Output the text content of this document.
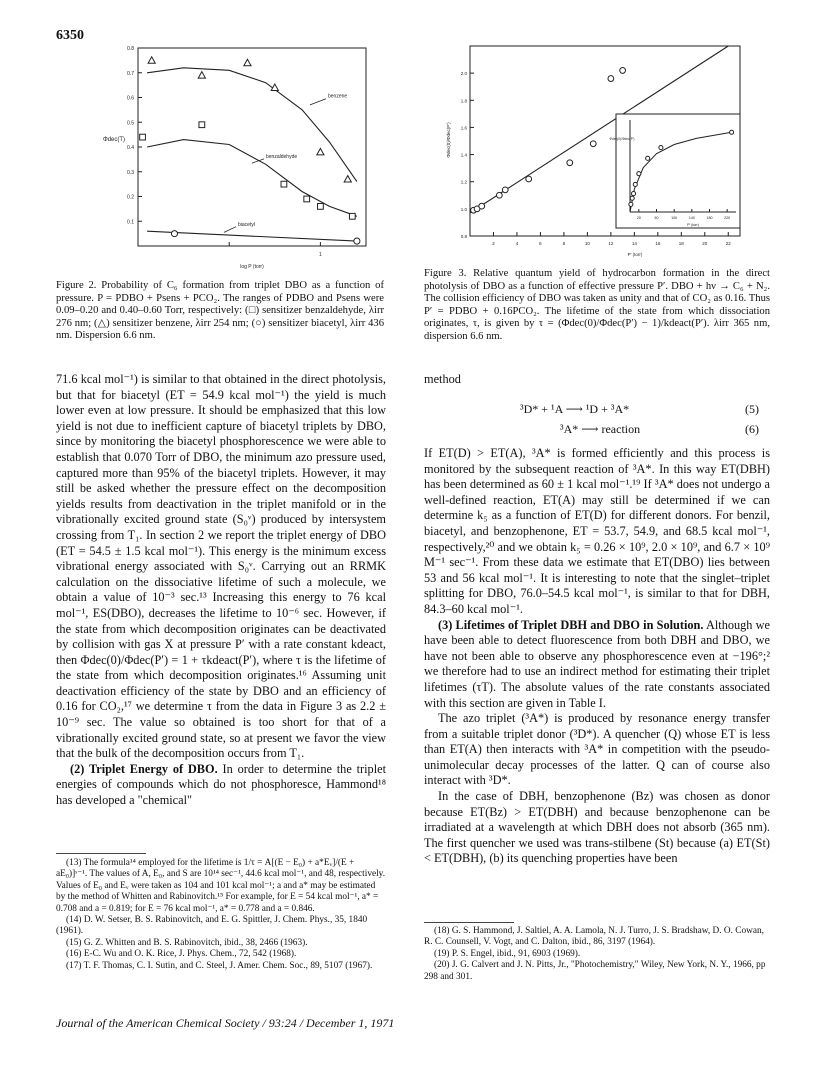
6350
0.1
0.2
0.3
0.4
0.5
0.6
0.7
0.8
1
log P (torr)
Φdec(T)
benzene
benzaldehyde
biacetyl
Figure 2. Probability of C₆ formation from triplet DBO as a function of pressure. P = PDBO + Psens + PCO₂. The ranges of PDBO and Psens were 0.09–0.20 and 0.40–0.60 Torr, respectively: (□) sensitizer benzaldehyde, λirr 276 nm; (△) sensitizer benzene, λirr 254 nm; (○) sensitizer biacetyl, λirr 436 nm. Dispersion 6.6 nm.
0.8
1.0
1.2
1.4
1.6
1.8
2.0
2	4	6	8	10	12	14	16	18	20	22
P′ (torr)
Φdec(0)/Φdec(P′)
20	60	100	140	180	220
P′ (torr)
Φdec(0)/Φdec(P′)
Figure 3. Relative quantum yield of hydrocarbon formation in the direct photolysis of DBO as a function of effective pressure P′. DBO + hν → C₆ + N₂. The collision efficiency of DBO was taken as unity and that of CO₂ as 0.16. Thus P′ = PDBO + 0.16PCO₂. The lifetime of the state from which dissociation originates, τ, is given by τ = (Φdec(0)/Φdec(P′) − 1)/kdeact(P′). λirr 365 nm, dispersion 6.6 nm.

71.6 kcal mol⁻¹) is similar to that obtained in the direct photolysis, but that for biacetyl (ET = 54.9 kcal mol⁻¹) the yield is much lower even at low pressure. It should be emphasized that this low yield is not due to inefficient capture of biacetyl triplets by DBO, since by monitoring the biacetyl phosphorescence we were able to establish that 0.070 Torr of DBO, the minimum azo pressure used, captured more than 95% of the biacetyl triplets. However, it may still be asked whether the pressure effect on the decomposition yields results from deactivation in the triplet manifold or in the vibrationally excited ground state (S₀ᵛ) produced by intersystem crossing from T₁. In section 2 we report the triplet energy of DBO (ET = 54.5 ± 1.5 kcal mol⁻¹). This energy is the minimum excess vibrational energy associated with S₀ᵛ. Carrying out an RRMK calculation on the dissociative lifetime of such a molecule, we obtain a value of 10⁻³ sec.¹³ Increasing this energy to 76 kcal mol⁻¹, ES(DBO), decreases the lifetime to 10⁻⁶ sec. However, if the state from which decomposition originates can be deactivated by collision with gas X at pressure P′ with a rate constant kdeact, then Φdec(0)/Φdec(P′) = 1 + τkdeact(P′), where τ is the lifetime of the state from which decomposition originates.¹⁶ Assuming unit deactivation efficiency of the state by DBO and an efficiency of 0.16 for CO₂,¹⁷ we determine τ from the data in Figure 3 as 2.2 ± 10⁻⁹ sec. The value so obtained is too short for that of a vibrationally excited ground state, so at present we favor the view that the bulk of the decomposition occurs from T₁.

(2) Triplet Energy of DBO. In order to determine the triplet energies of compounds which do not phosphoresce, Hammond¹⁸ has developed a "chemical"

(13) The formula¹⁴ employed for the lifetime is 1/τ = A[(E − E₀) + a*Eᵥ]/(E + aE₀)]ˢ⁻¹. The values of A, E₀, and S are 10¹⁴ sec⁻¹, 44.6 kcal mol⁻¹, and 48, respectively. Values of E₀ and Eᵥ were taken as 104 and 101 kcal mol⁻¹; a and a* may be estimated by the method of Whitten and Rabinovitch.¹⁵ For example, for E = 54 kcal mol⁻¹, a* = 0.708 and a = 0.819; for E = 76 kcal mol⁻¹, a* = 0.778 and a = 0.846.

(14) D. W. Setser, B. S. Rabinovitch, and E. G. Spittler, J. Chem. Phys., 35, 1840 (1961).

(15) G. Z. Whitten and B. S. Rabinovitch, ibid., 38, 2466 (1963).

(16) E-C. Wu and O. K. Rice, J. Phys. Chem., 72, 542 (1968).

(17) T. F. Thomas, C. I. Sutin, and C. Steel, J. Amer. Chem. Soc., 89, 5107 (1967).

method
³D* + ¹A ⟶ ¹D + ³A*	(5)
³A* ⟶ reaction	(6)

If ET(D) > ET(A), ³A* is formed efficiently and this process is monitored by the subsequent reaction of ³A*. In this way ET(DBH) has been determined as 60 ± 1 kcal mol⁻¹.¹⁹ If ³A* does not undergo a well-defined reaction, ET(A) may still be determined if we can determine k₅ as a function of ET(D) for different donors. For benzil, biacetyl, and benzophenone, ET = 53.7, 54.9, and 68.5 kcal mol⁻¹, respectively,²⁰ and we obtain k₅ = 0.26 × 10⁹, 2.0 × 10⁹, and 6.7 × 10⁹ M⁻¹ sec⁻¹. From these data we estimate that ET(DBO) lies between 53 and 56 kcal mol⁻¹. It is interesting to note that the singlet–triplet splitting for DBO, 76.0–54.5 kcal mol⁻¹, is similar to that for DBH, 84.3–60 kcal mol⁻¹.

(3) Lifetimes of Triplet DBH and DBO in Solution. Although we have been able to detect fluorescence from both DBH and DBO, we have not been able to observe any phosphorescence even at −196°;² we therefore had to use an indirect method for estimating their triplet lifetimes (τT). The absolute values of the rate constants associated with this section are given in Table I.

The azo triplet (³A*) is produced by resonance energy transfer from a suitable triplet donor (³D*). A quencher (Q) whose ET is less than ET(A) then interacts with ³A* in competition with the pseudo-unimolecular decay processes of the latter. Q can of course also interact with ³D*.

In the case of DBH, benzophenone (Bz) was chosen as donor because ET(Bz) > ET(DBH) and because benzophenone can be irradiated at a wavelength at which DBH does not absorb (365 nm). The first quencher we used was trans-stilbene (St) because (a) ET(St) < ET(DBH), (b) its quenching properties have been

(18) G. S. Hammond, J. Saltiel, A. A. Lamola, N. J. Turro, J. S. Bradshaw, D. O. Cowan, R. C. Counsell, V. Vogt, and C. Dalton, ibid., 86, 3197 (1964).

(19) P. S. Engel, ibid., 91, 6903 (1969).

(20) J. G. Calvert and J. N. Pitts, Jr., "Photochemistry," Wiley, New York, N. Y., 1966, pp 298 and 301.

Journal of the American Chemical Society / 93:24 / December 1, 1971
